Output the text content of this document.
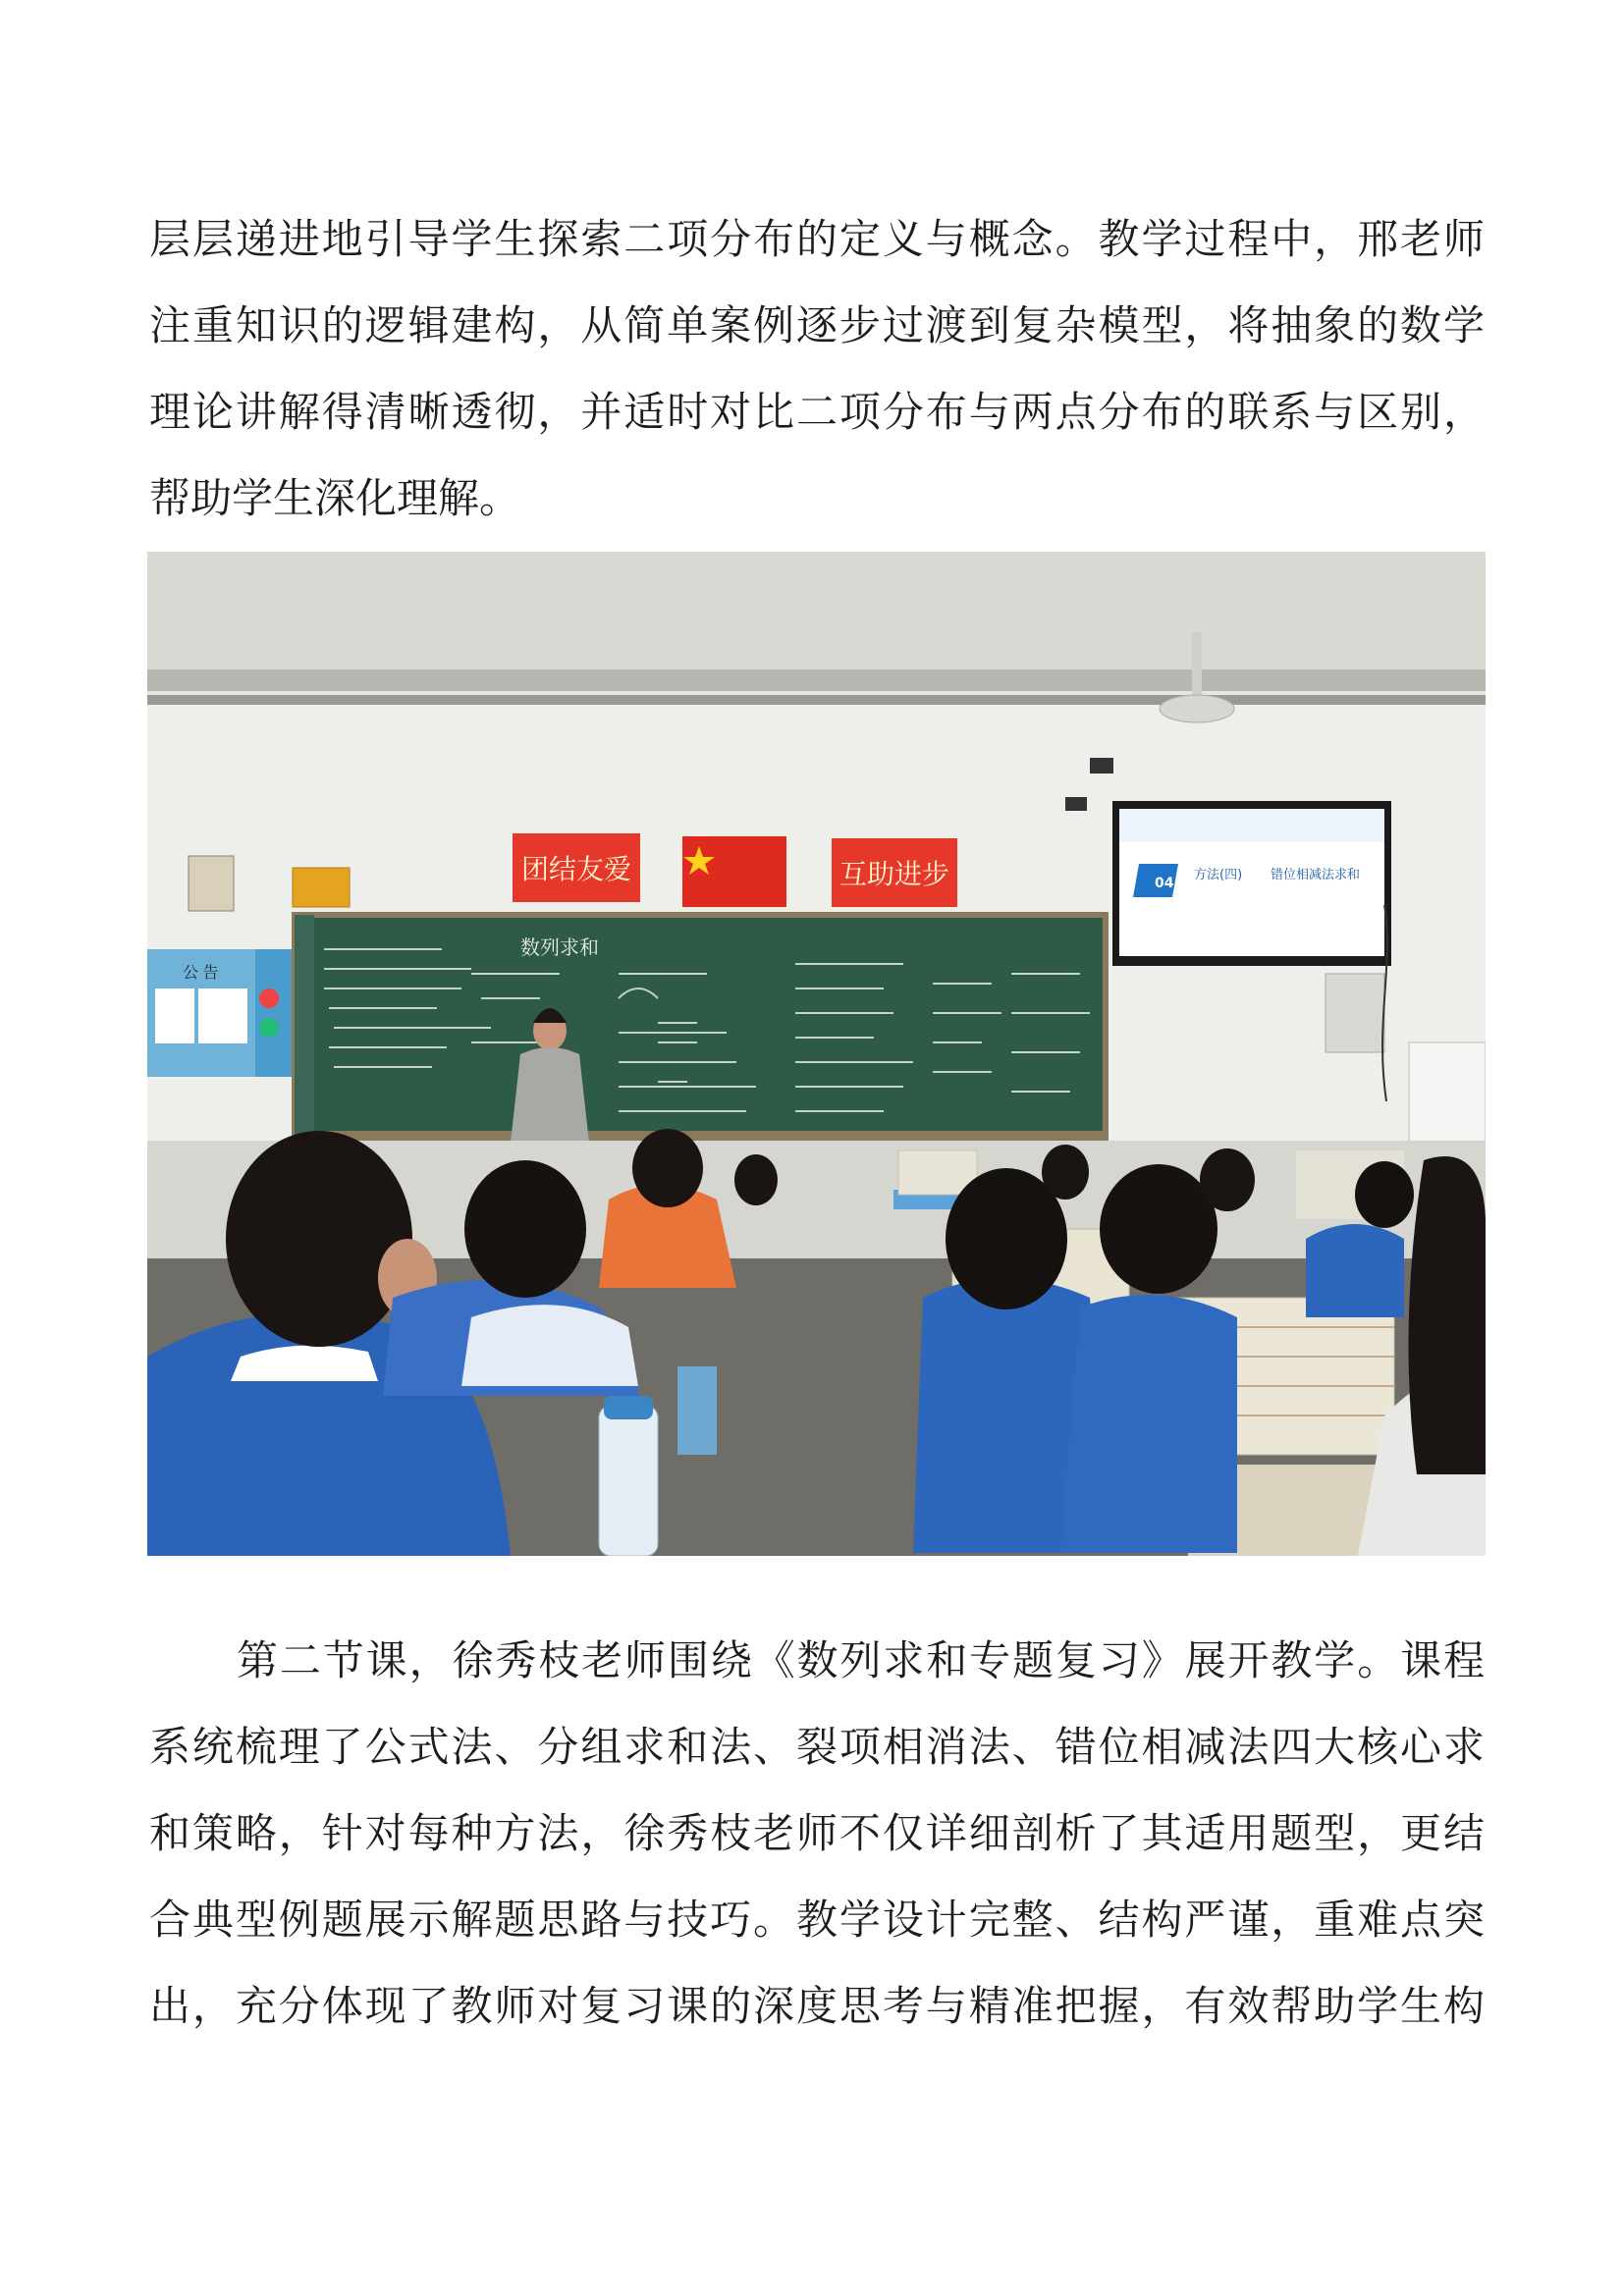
层层递进地引导学生探索二项分布的定义与概念。教学过程中，邢老师
注重知识的逻辑建构，从简单案例逐步过渡到复杂模型，将抽象的数学
理论讲解得清晰透彻，并适时对比二项分布与两点分布的联系与区别，
帮助学生深化理解。
公 告
团结友爱	互助进步	04
方法(四) 错位相减法求和
数列求和
第二节课，徐秀枝老师围绕《数列求和专题复习》展开教学。课程
系统梳理了公式法、分组求和法、裂项相消法、错位相减法四大核心求
和策略，针对每种方法，徐秀枝老师不仅详细剖析了其适用题型，更结
合典型例题展示解题思路与技巧。教学设计完整、结构严谨，重难点突
出，充分体现了教师对复习课的深度思考与精准把握，有效帮助学生构
